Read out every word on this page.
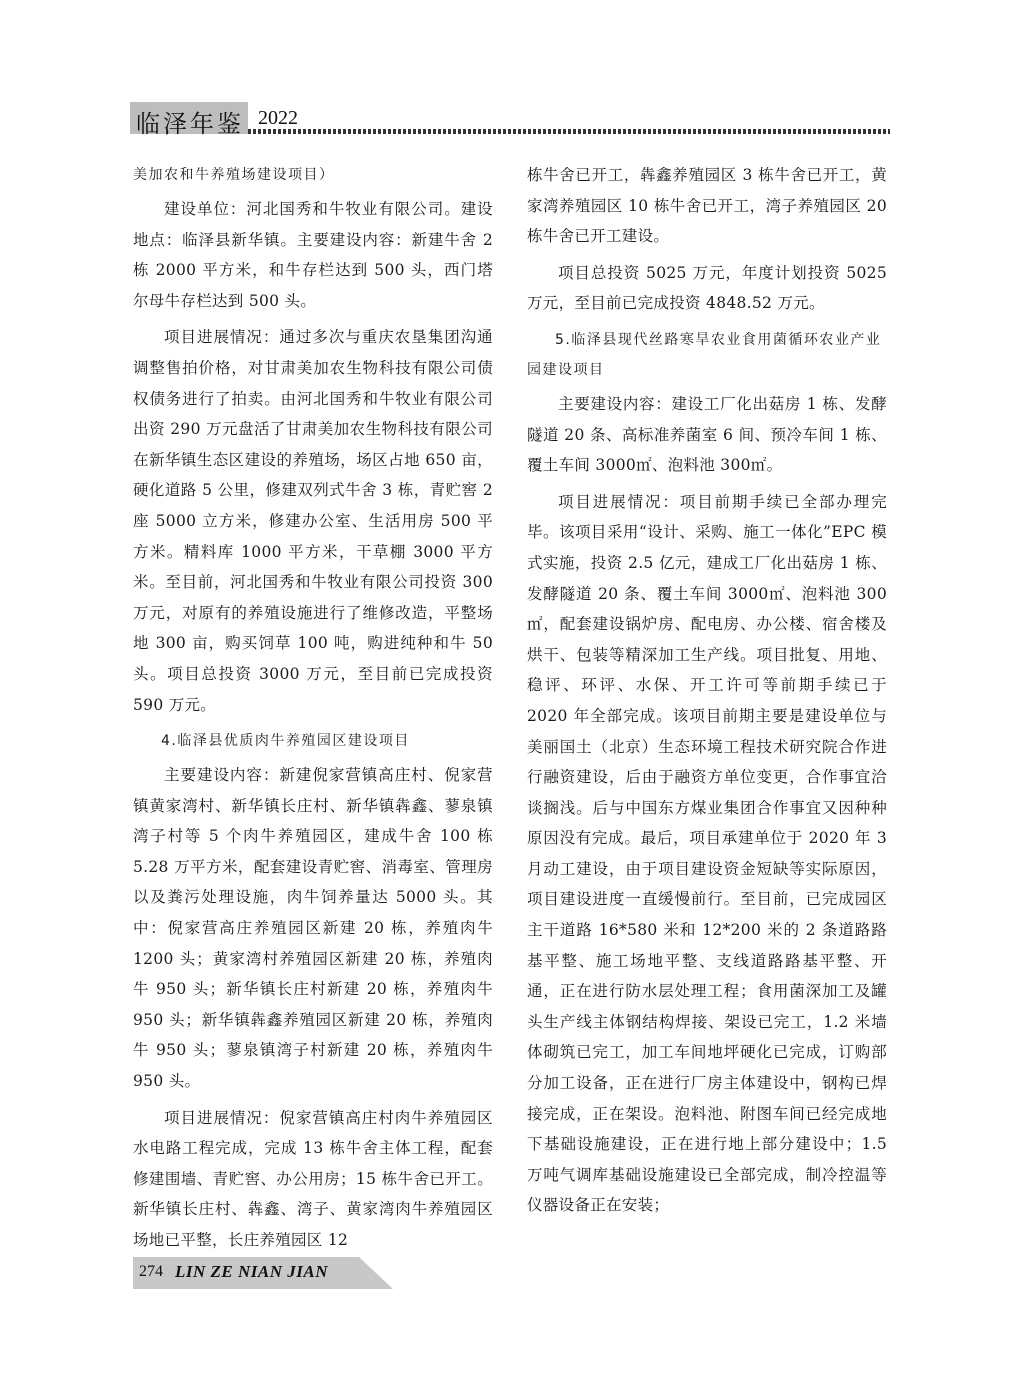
临泽年鉴 2022

美加农和牛养殖场建设项目）

建设单位：河北国秀和牛牧业有限公司。建设地点：临泽县新华镇。主要建设内容：新建牛舍 2 栋 2000 平方米，和牛存栏达到 500 头，西门塔尔母牛存栏达到 500 头。

项目进展情况：通过多次与重庆农垦集团沟通调整售拍价格，对甘肃美加农生物科技有限公司债权债务进行了拍卖。由河北国秀和牛牧业有限公司出资 290 万元盘活了甘肃美加农生物科技有限公司在新华镇生态区建设的养殖场，场区占地 650 亩，硬化道路 5 公里，修建双列式牛舍 3 栋，青贮窖 2 座 5000 立方米，修建办公室、生活用房 500 平方米。精料库 1000 平方米，干草棚 3000 平方米。至目前，河北国秀和牛牧业有限公司投资 300 万元，对原有的养殖设施进行了维修改造，平整场地 300 亩，购买饲草 100 吨，购进纯种和牛 50 头。项目总投资 3000 万元，至目前已完成投资 590 万元。

4.临泽县优质肉牛养殖园区建设项目

主要建设内容：新建倪家营镇高庄村、倪家营镇黄家湾村、新华镇长庄村、新华镇犇鑫、蓼泉镇湾子村等 5 个肉牛养殖园区，建成牛舍 100 栋 5.28 万平方米，配套建设青贮窖、消毒室、管理房以及粪污处理设施，肉牛饲养量达 5000 头。其中：倪家营高庄养殖园区新建 20 栋，养殖肉牛 1200 头；黄家湾村养殖园区新建 20 栋，养殖肉牛 950 头；新华镇长庄村新建 20 栋，养殖肉牛 950 头；新华镇犇鑫养殖园区新建 20 栋，养殖肉牛 950 头；蓼泉镇湾子村新建 20 栋，养殖肉牛 950 头。

项目进展情况：倪家营镇高庄村肉牛养殖园区水电路工程完成，完成 13 栋牛舍主体工程，配套修建围墙、青贮窖、办公用房；15 栋牛舍已开工。新华镇长庄村、犇鑫、湾子、黄家湾肉牛养殖园区场地已平整，长庄养殖园区 12

栋牛舍已开工，犇鑫养殖园区 3 栋牛舍已开工，黄家湾养殖园区 10 栋牛舍已开工，湾子养殖园区 20 栋牛舍已开工建设。

项目总投资 5025 万元，年度计划投资 5025 万元，至目前已完成投资 4848.52 万元。

5.临泽县现代丝路寒旱农业食用菌循环农业产业园建设项目

主要建设内容：建设工厂化出菇房 1 栋、发酵隧道 20 条、高标准养菌室 6 间、预冷车间 1 栋、覆土车间 3000㎡、泡料池 300㎡。

项目进展情况：项目前期手续已全部办理完毕。该项目采用“设计、采购、施工一体化”EPC 模式实施，投资 2.5 亿元，建成工厂化出菇房 1 栋、发酵隧道 20 条、覆土车间 3000㎡、泡料池 300㎡，配套建设锅炉房、配电房、办公楼、宿舍楼及烘干、包装等精深加工生产线。项目批复、用地、稳评、环评、水保、开工许可等前期手续已于 2020 年全部完成。该项目前期主要是建设单位与美丽国土（北京）生态环境工程技术研究院合作进行融资建设，后由于融资方单位变更，合作事宜洽谈搁浅。后与中国东方煤业集团合作事宜又因种种原因没有完成。最后，项目承建单位于 2020 年 3 月动工建设，由于项目建设资金短缺等实际原因，项目建设进度一直缓慢前行。至目前，已完成园区主干道路 16*580 米和 12*200 米的 2 条道路路基平整、施工场地平整、支线道路路基平整、开通，正在进行防水层处理工程；食用菌深加工及罐头生产线主体钢结构焊接、架设已完工，1.2 米墙体砌筑已完工，加工车间地坪硬化已完成，订购部分加工设备，正在进行厂房主体建设中，钢构已焊接完成，正在架设。泡料池、附图车间已经完成地下基础设施建设，正在进行地上部分建设中；1.5 万吨气调库基础设施建设已全部完成，制冷控温等仪器设备正在安装；

274 LIN ZE NIAN JIAN
